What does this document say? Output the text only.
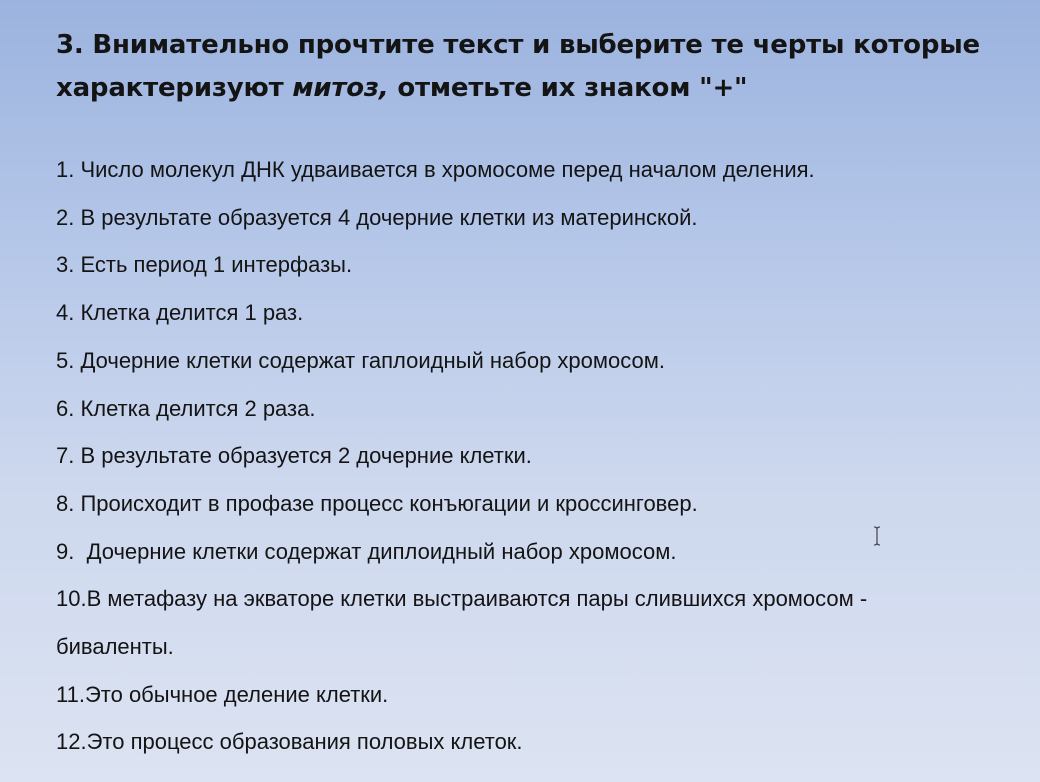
3. Внимательно прочтите текст и выберите те черты которые характеризуют митоз, отметьте их знаком "+"
1. Число молекул ДНК удваивается в хромосоме перед началом деления.
2. В результате образуется 4 дочерние клетки из материнской.
3. Есть период 1 интерфазы.
4. Клетка делится 1 раз.
5. Дочерние клетки содержат гаплоидный набор хромосом.
6. Клетка делится 2 раза.
7. В результате образуется 2 дочерние клетки.
8. Происходит в профазе процесс конъюгации и кроссинговер.
9.  Дочерние клетки содержат диплоидный набор хромосом.
10.В метафазу на экваторе клетки выстраиваются пары слившихся хромосом -
биваленты.
11.Это обычное деление клетки.
12.Это процесс образования половых клеток.
